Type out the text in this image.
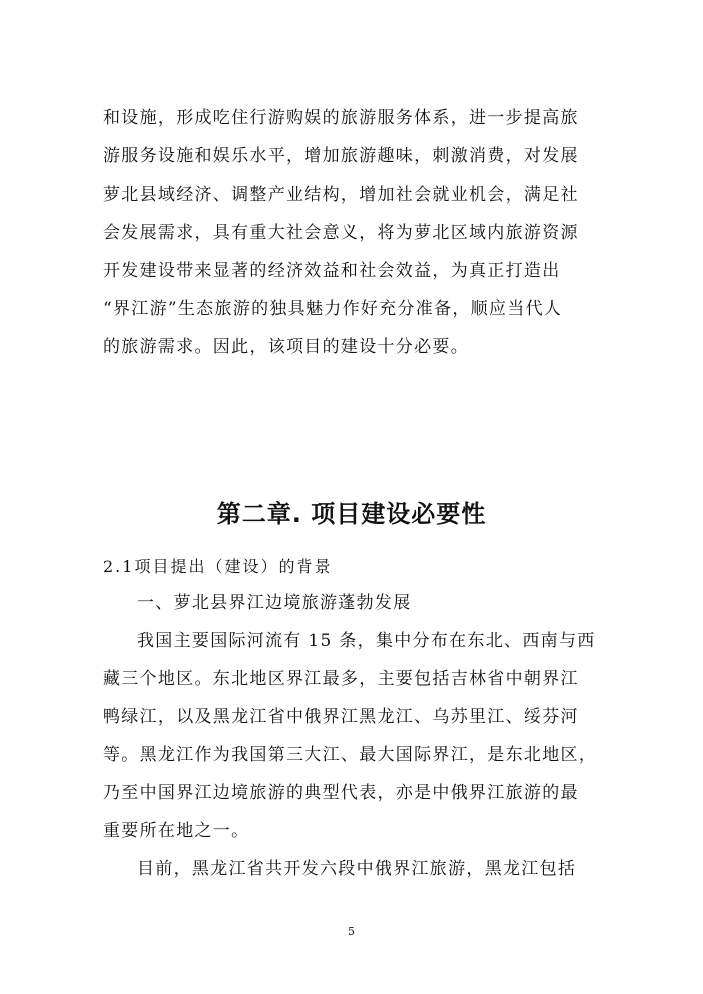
和设施，形成吃住行游购娱的旅游服务体系，进一步提高旅
游服务设施和娱乐水平，增加旅游趣味，刺激消费，对发展
萝北县域经济、调整产业结构，增加社会就业机会，满足社
会发展需求，具有重大社会意义，将为萝北区域内旅游资源
开发建设带来显著的经济效益和社会效益，为真正打造出
“界江游”生态旅游的独具魅力作好充分准备，顺应当代人
的旅游需求。因此，该项目的建设十分必要。
第二章. 项目建设必要性
2.1项目提出（建设）的背景
一、萝北县界江边境旅游蓬勃发展
我国主要国际河流有 15 条，集中分布在东北、西南与西
藏三个地区。东北地区界江最多，主要包括吉林省中朝界江
鸭绿江，以及黑龙江省中俄界江黑龙江、乌苏里江、绥芬河
等。黑龙江作为我国第三大江、最大国际界江，是东北地区，
乃至中国界江边境旅游的典型代表，亦是中俄界江旅游的最
重要所在地之一。
目前，黑龙江省共开发六段中俄界江旅游，黑龙江包括
5
